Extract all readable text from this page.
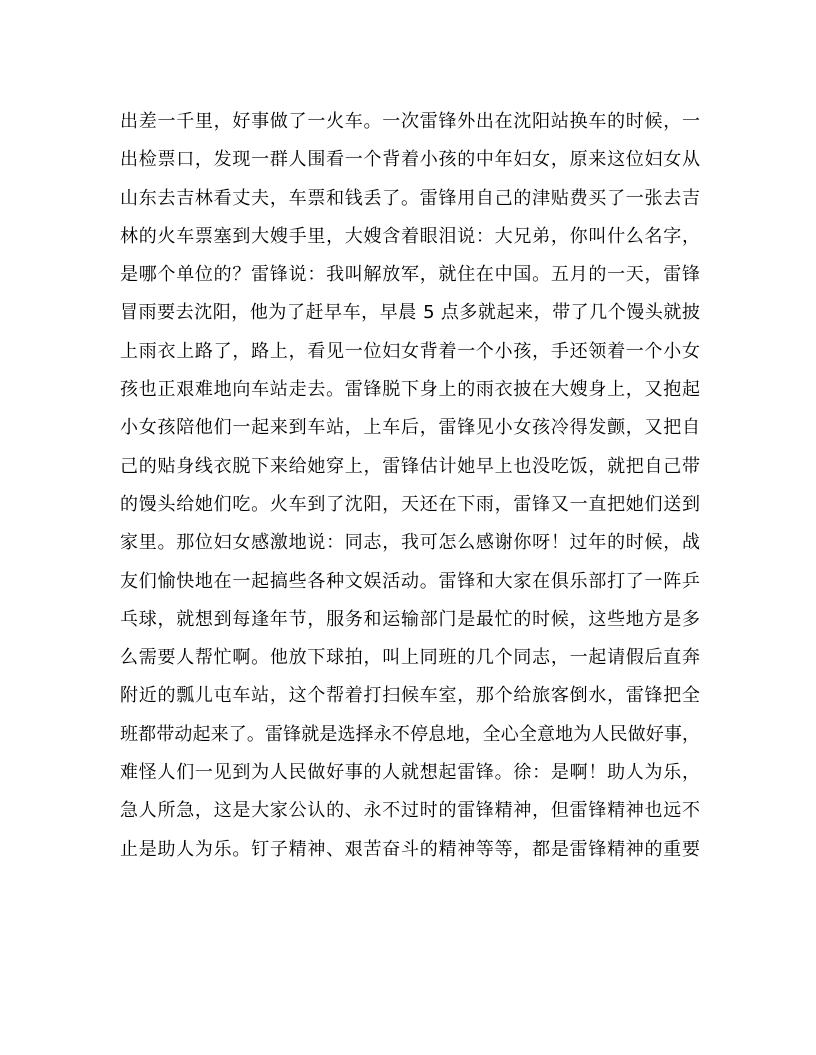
出差一千里，好事做了一火车。一次雷锋外出在沈阳站换车的时候，一
出检票口，发现一群人围看一个背着小孩的中年妇女，原来这位妇女从
山东去吉林看丈夫，车票和钱丢了。雷锋用自己的津贴费买了一张去吉
林的火车票塞到大嫂手里，大嫂含着眼泪说：大兄弟，你叫什么名字，
是哪个单位的？雷锋说：我叫解放军，就住在中国。五月的一天，雷锋
冒雨要去沈阳，他为了赶早车，早晨 5 点多就起来，带了几个馒头就披
上雨衣上路了，路上，看见一位妇女背着一个小孩，手还领着一个小女
孩也正艰难地向车站走去。雷锋脱下身上的雨衣披在大嫂身上，又抱起
小女孩陪他们一起来到车站，上车后，雷锋见小女孩冷得发颤，又把自
己的贴身线衣脱下来给她穿上，雷锋估计她早上也没吃饭，就把自己带
的馒头给她们吃。火车到了沈阳，天还在下雨，雷锋又一直把她们送到
家里。那位妇女感激地说：同志，我可怎么感谢你呀！过年的时候，战
友们愉快地在一起搞些各种文娱活动。雷锋和大家在俱乐部打了一阵乒
乓球，就想到每逢年节，服务和运输部门是最忙的时候，这些地方是多
么需要人帮忙啊。他放下球拍，叫上同班的几个同志，一起请假后直奔
附近的瓢儿屯车站，这个帮着打扫候车室，那个给旅客倒水，雷锋把全
班都带动起来了。雷锋就是选择永不停息地，全心全意地为人民做好事，
难怪人们一见到为人民做好事的人就想起雷锋。徐：是啊！助人为乐，
急人所急，这是大家公认的、永不过时的雷锋精神，但雷锋精神也远不
止是助人为乐。钉子精神、艰苦奋斗的精神等等，都是雷锋精神的重要
